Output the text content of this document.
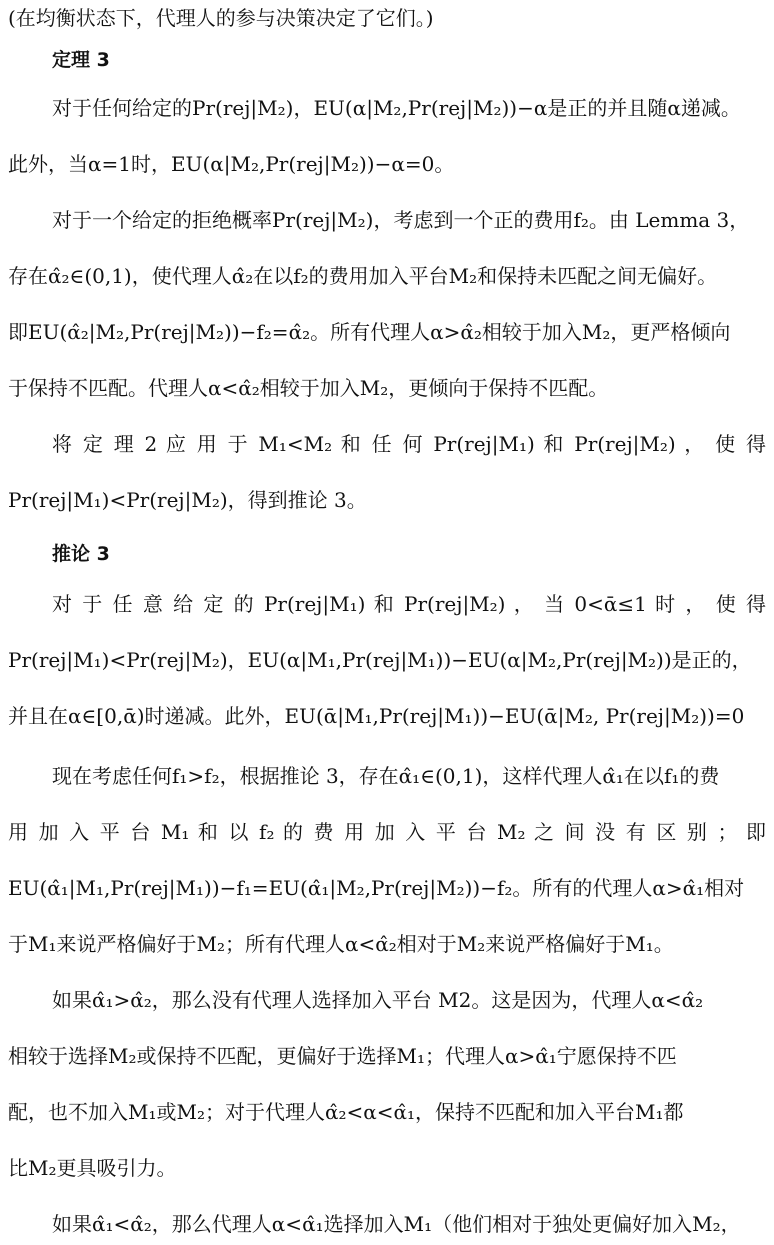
(在均衡状态下，代理人的参与决策决定了它们。)
定理 3
对于任何给定的Pr(rej|M₂)，EU(α|M₂,Pr(rej|M₂))−α是正的并且随α递减。
此外，当α=1时，EU(α|M₂,Pr(rej|M₂))−α=0。
对于一个给定的拒绝概率Pr(rej|M₂)，考虑到一个正的费用f₂。由 Lemma 3，
存在α̂₂∈(0,1)，使代理人α̂₂在以f₂的费用加入平台M₂和保持未匹配之间无偏好。
即EU(α̂₂|M₂,Pr(rej|M₂))−f₂=α̂₂。所有代理人α>α̂₂相较于加入M₂，更严格倾向
于保持不匹配。代理人α<α̂₂相较于加入M₂，更倾向于保持不匹配。
将 定 理 2 应 用 于 M₁<M₂ 和 任 何 Pr(rej|M₁) 和 Pr(rej|M₂) ， 使 得
Pr(rej|M₁)<Pr(rej|M₂)，得到推论 3。
推论 3
对 于 任 意 给 定 的 Pr(rej|M₁) 和 Pr(rej|M₂) ， 当 0<ᾱ≤1 时 ， 使 得
Pr(rej|M₁)<Pr(rej|M₂)，EU(α|M₁,Pr(rej|M₁))−EU(α|M₂,Pr(rej|M₂))是正的，
并且在α∈[0,ᾱ)时递减。此外，EU(ᾱ|M₁,Pr(rej|M₁))−EU(ᾱ|M₂, Pr(rej|M₂))=0
现在考虑任何f₁>f₂，根据推论 3，存在α̂₁∈(0,1)，这样代理人α̂₁在以f₁的费
用 加 入 平 台 M₁ 和 以 f₂ 的 费 用 加 入 平 台 M₂ 之 间 没 有 区 别 ； 即
EU(α̂₁|M₁,Pr(rej|M₁))−f₁=EU(α̂₁|M₂,Pr(rej|M₂))−f₂。所有的代理人α>α̂₁相对
于M₁来说严格偏好于M₂；所有代理人α<α̂₂相对于M₂来说严格偏好于M₁。
如果α̂₁>α̂₂，那么没有代理人选择加入平台 M2。这是因为，代理人α<α̂₂
相较于选择M₂或保持不匹配，更偏好于选择M₁；代理人α>α̂₁宁愿保持不匹
配，也不加入M₁或M₂；对于代理人α̂₂<α<α̂₁，保持不匹配和加入平台M₁都
比M₂更具吸引力。
如果α̂₁<α̂₂，那么代理人α<α̂₁选择加入M₁（他们相对于独处更偏好加入M₂，
